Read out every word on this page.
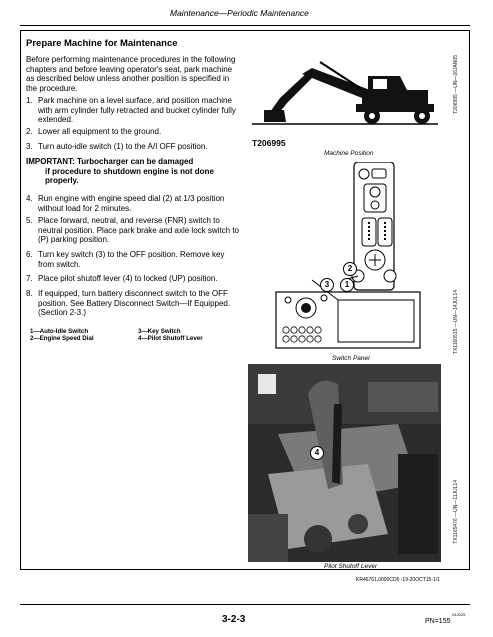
Maintenance—Periodic Maintenance
Prepare Machine for Maintenance
Before performing maintenance procedures in the following chapters and before leaving operator's seat, park machine as described below unless another position is specified in the procedure.
1. Park machine on a level surface, and position machine with arm cylinder fully retracted and bucket cylinder fully extended.
2. Lower all equipment to the ground.
3. Turn auto-idle switch (1) to the A/I OFF position.
IMPORTANT: Turbocharger can be damaged
if procedure to shutdown engine is not done properly.
4. Run engine with engine speed dial (2) at 1/3 position without load for 2 minutes.
5. Place forward, neutral, and reverse (FNR) switch to neutral position. Place park brake and axle lock switch to (P) parking position.
6. Turn key switch (3) to the OFF position. Remove key from switch.
7. Place pilot shutoff lever (4) to locked (UP) position.
8. If equipped, turn battery disconnect switch to the OFF position. See Battery Disconnect Switch—If Equipped. (Section 2-3.)
1—Auto-Idle Switch
2—Engine Speed Dial
3—Key Switch
4—Pilot Shutoff Lever
T206995
Machine Position
T206995 —UN—26JAN05
2
3	1
Switch Panel
TX1160515 —UN—14JUL14
4
Pilot Shutoff Lever
TX1165476 —UN—11JUL14
KR46761,0000CD6 -19-20OCT15-1/1
3-2-3	042025
PN=155
